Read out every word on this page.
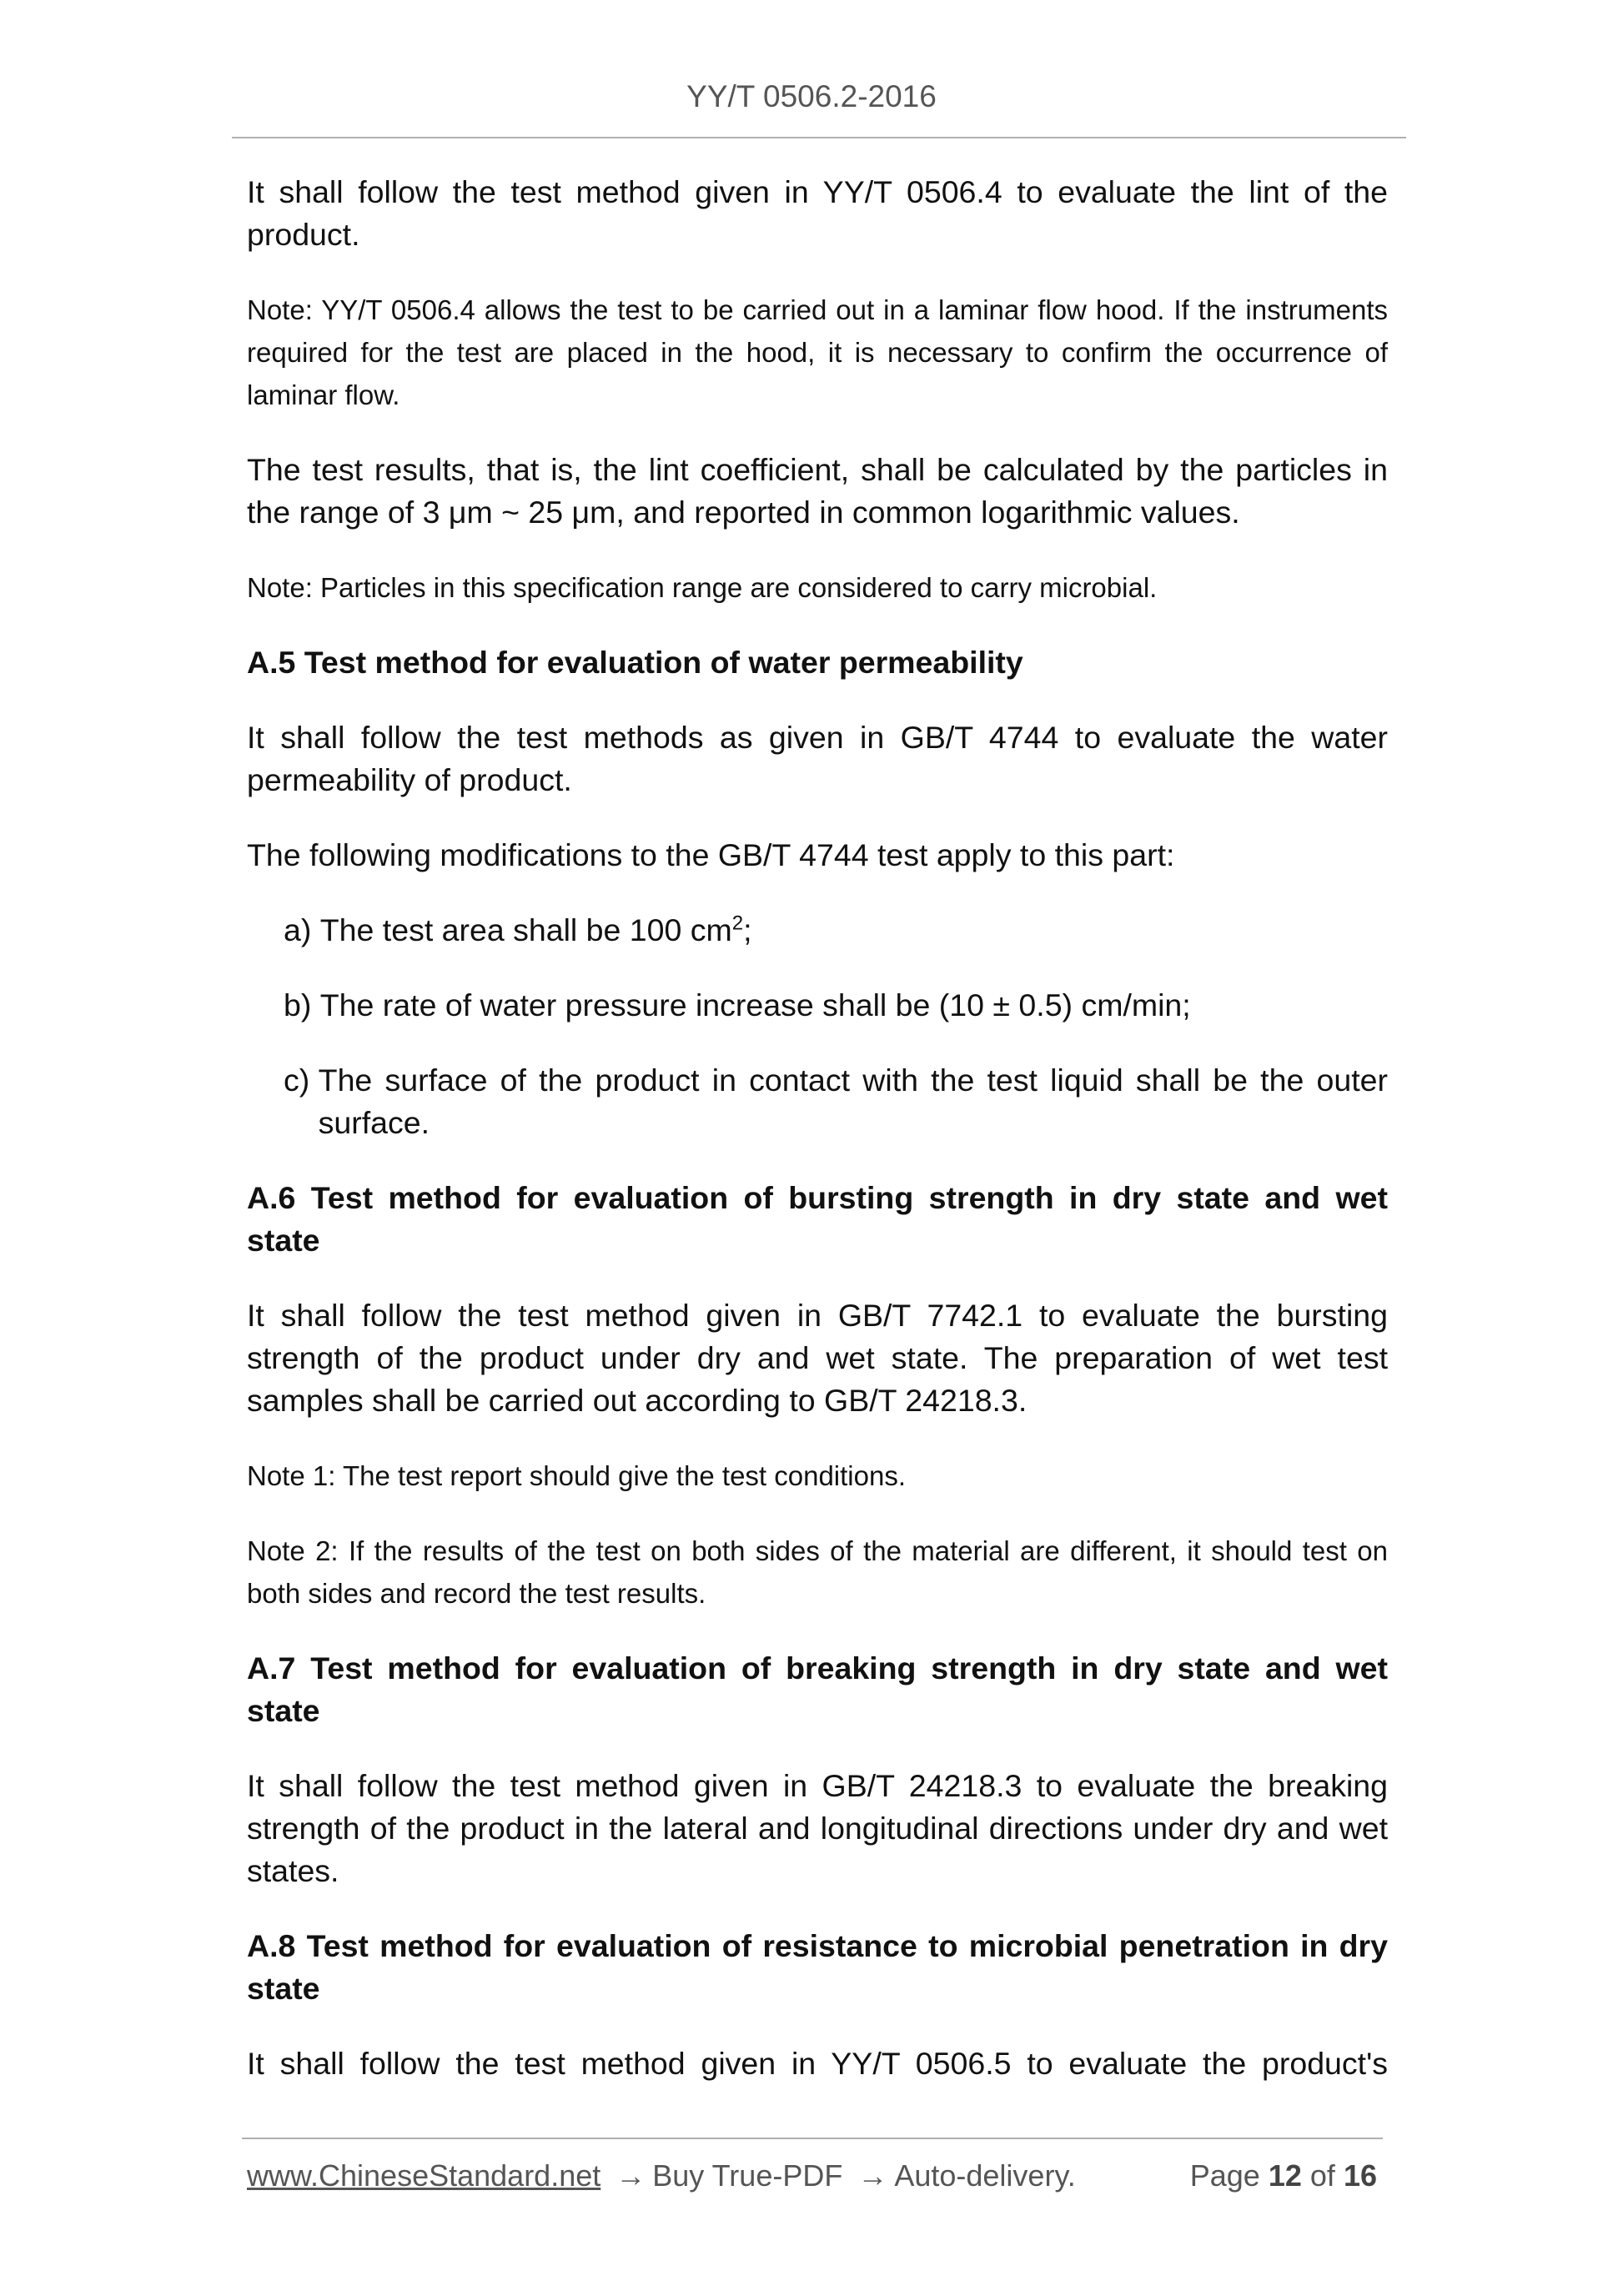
YY/T 0506.2-2016

It shall follow the test method given in YY/T 0506.4 to evaluate the lint of the product.

Note: YY/T 0506.4 allows the test to be carried out in a laminar flow hood. If the instruments required for the test are placed in the hood, it is necessary to confirm the occurrence of laminar flow.

The test results, that is, the lint coefficient, shall be calculated by the particles in the range of 3 μm ~ 25 μm, and reported in common logarithmic values.

Note: Particles in this specification range are considered to carry microbial.

A.5 Test method for evaluation of water permeability

It shall follow the test methods as given in GB/T 4744 to evaluate the water permeability of product.

The following modifications to the GB/T 4744 test apply to this part:

a) The test area shall be 100 $cm^2$;
b) The rate of water pressure increase shall be (10 ± 0.5) cm/min;
c) The surface of the product in contact with the test liquid shall be the outer surface.

A.6 Test method for evaluation of bursting strength in dry state and wet state

It shall follow the test method given in GB/T 7742.1 to evaluate the bursting strength of the product under dry and wet state. The preparation of wet test samples shall be carried out according to GB/T 24218.3.

Note 1: The test report should give the test conditions.

Note 2: If the results of the test on both sides of the material are different, it should test on both sides and record the test results.

A.7 Test method for evaluation of breaking strength in dry state and wet state

It shall follow the test method given in GB/T 24218.3 to evaluate the breaking strength of the product in the lateral and longitudinal directions under dry and wet states.

A.8 Test method for evaluation of resistance to microbial penetration in dry state

It shall follow the test method given in YY/T 0506.5 to evaluate the product's

www.ChineseStandard.net → Buy True-PDF → Auto-delivery.	Page 12 of 16
